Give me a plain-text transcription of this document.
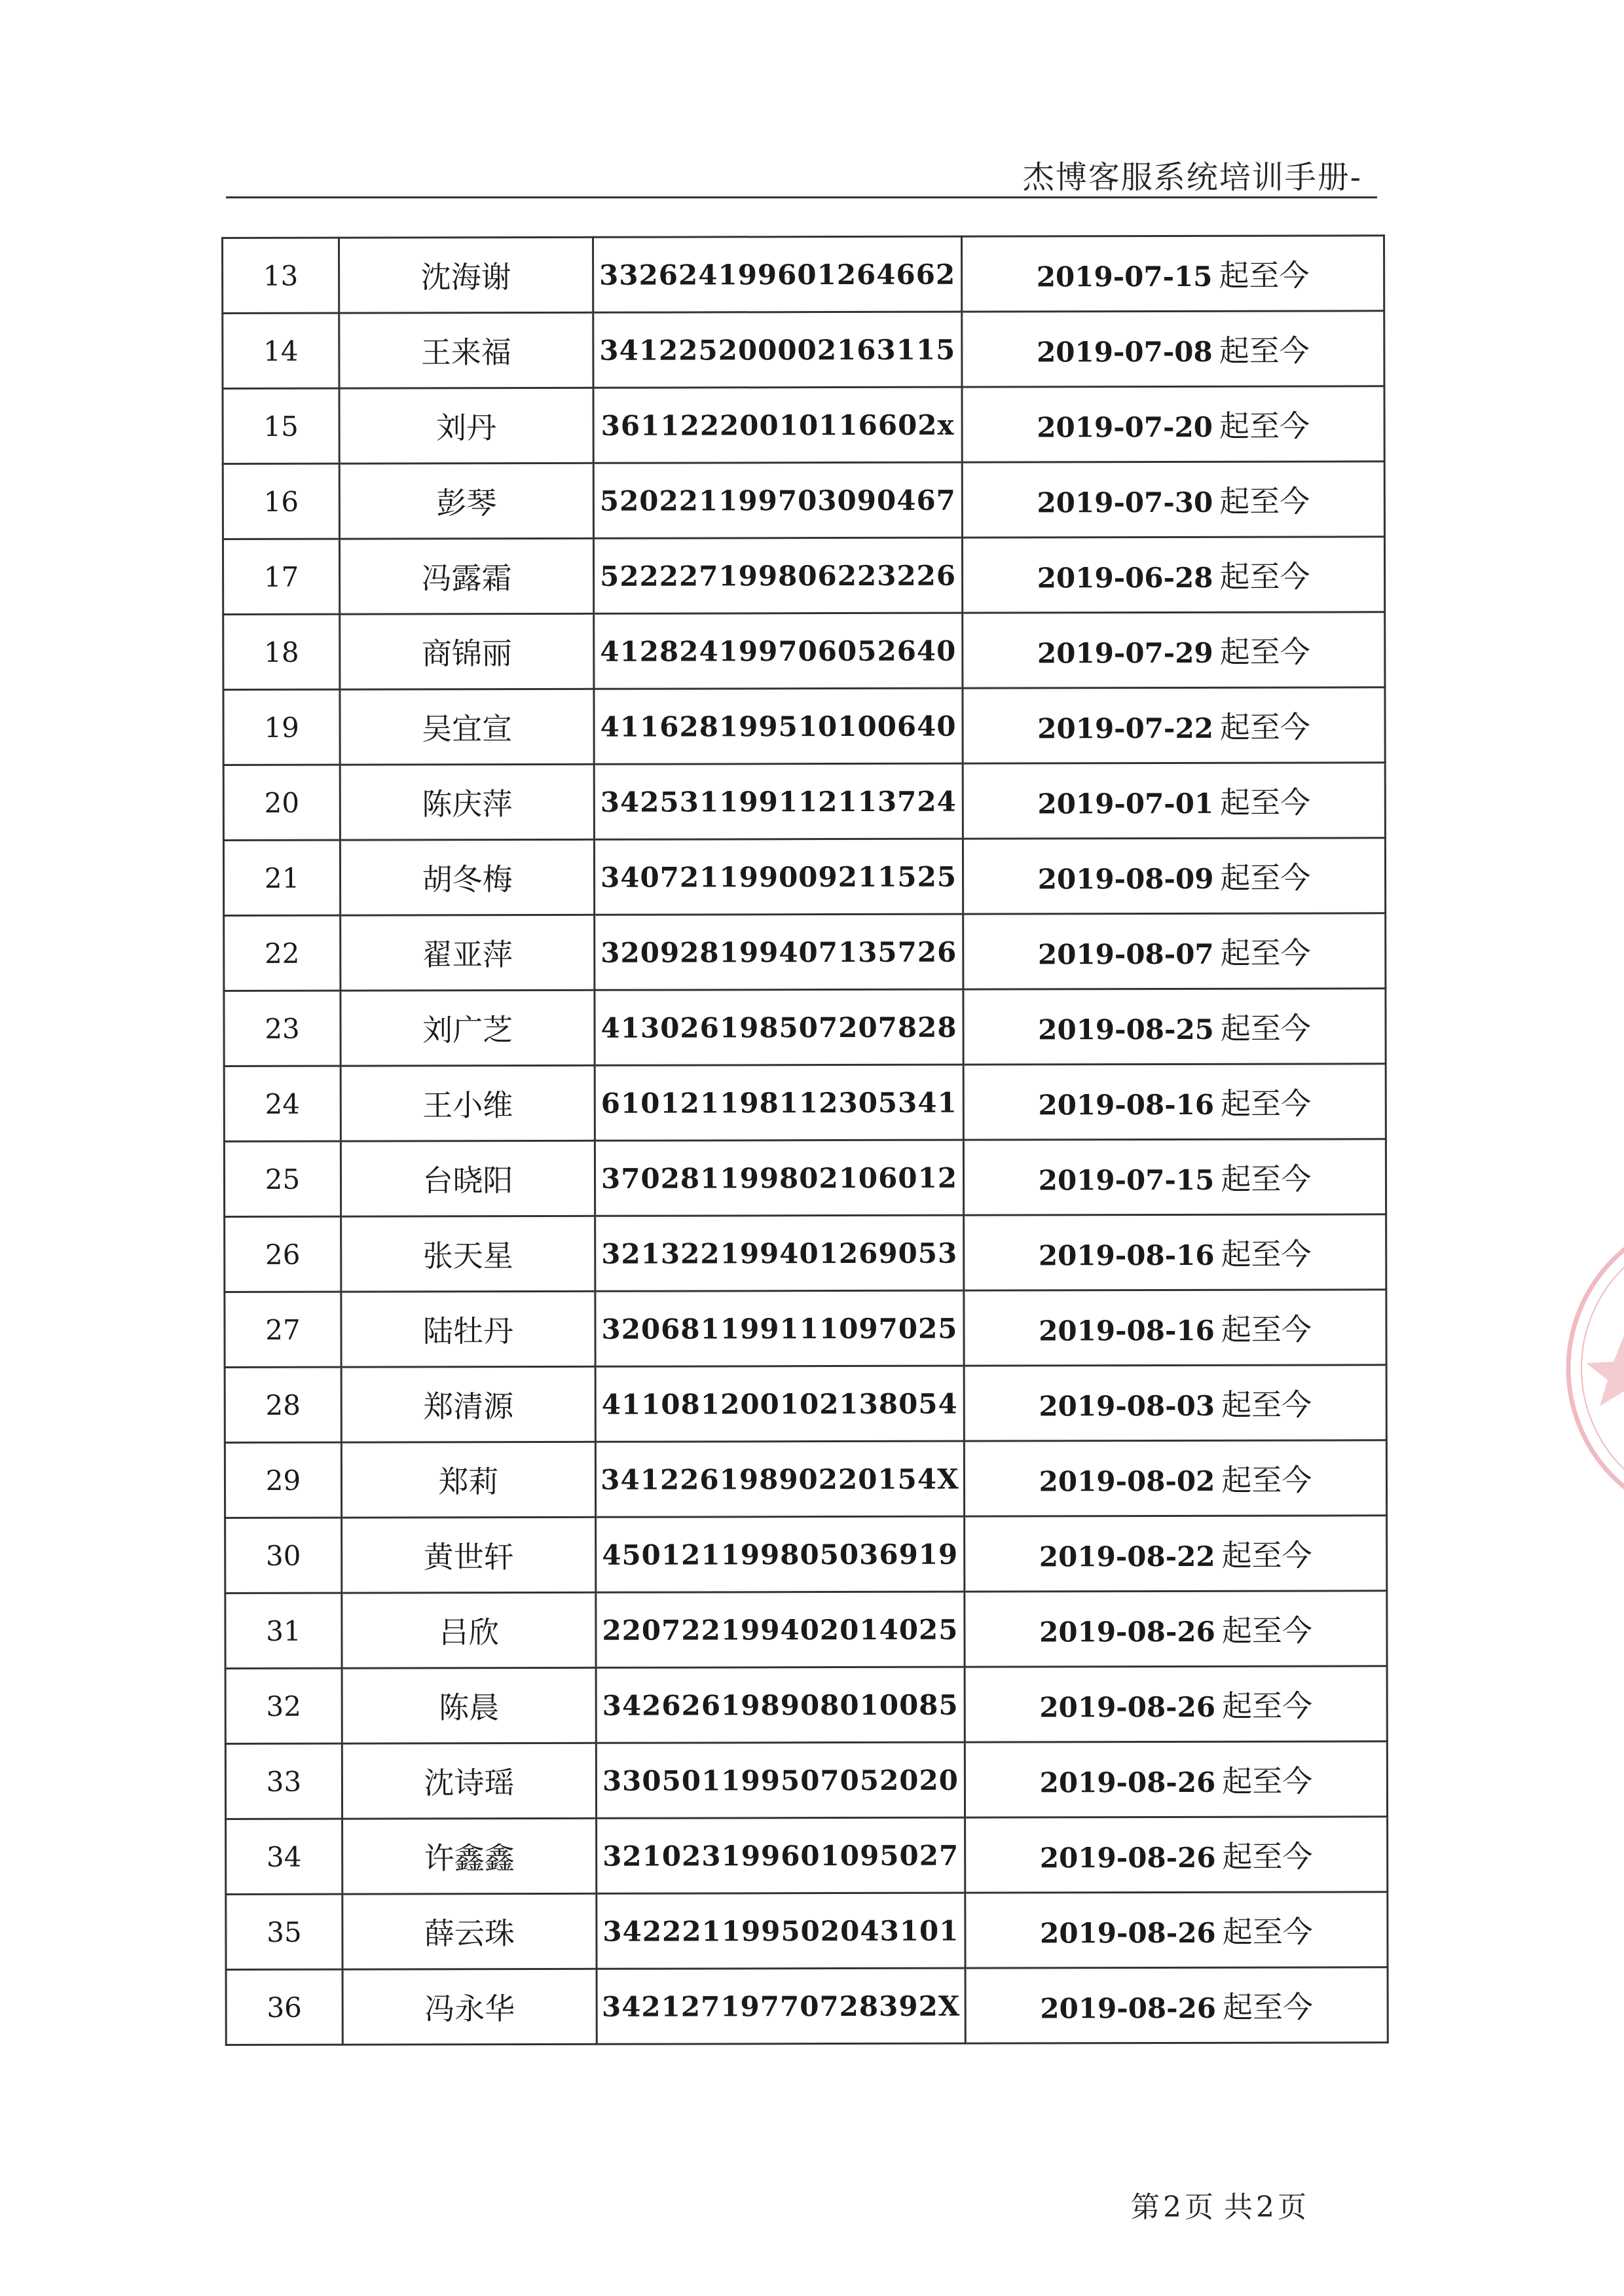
杰博客服系统培训手册-
13	沈海谢	332624199601264662	2019-07-15 起至今
14	王来福	341225200002163115	2019-07-08 起至今
15	刘丹	36112220010116602x	2019-07-20 起至今
16	彭琴	520221199703090467	2019-07-30 起至今
17	冯露霜	522227199806223226	2019-06-28 起至今
18	商锦丽	412824199706052640	2019-07-29 起至今
19	吴宜宣	411628199510100640	2019-07-22 起至今
20	陈庆萍	342531199112113724	2019-07-01 起至今
21	胡冬梅	340721199009211525	2019-08-09 起至今
22	翟亚萍	320928199407135726	2019-08-07 起至今
23	刘广芝	413026198507207828	2019-08-25 起至今
24	王小维	610121198112305341	2019-08-16 起至今
25	台晓阳	370281199802106012	2019-07-15 起至今
26	张天星	321322199401269053	2019-08-16 起至今
27	陆牡丹	320681199111097025	2019-08-16 起至今
28	郑清源	411081200102138054	2019-08-03 起至今
29	郑莉	34122619890220154X	2019-08-02 起至今
30	黄世轩	450121199805036919	2019-08-22 起至今
31	吕欣	220722199402014025	2019-08-26 起至今
32	陈晨	342626198908010085	2019-08-26 起至今
33	沈诗瑶	330501199507052020	2019-08-26 起至今
34	许鑫鑫	321023199601095027	2019-08-26 起至今
35	薛云珠	342221199502043101	2019-08-26 起至今
36	冯永华	34212719770728392X	2019-08-26 起至今
第2页 共2页
